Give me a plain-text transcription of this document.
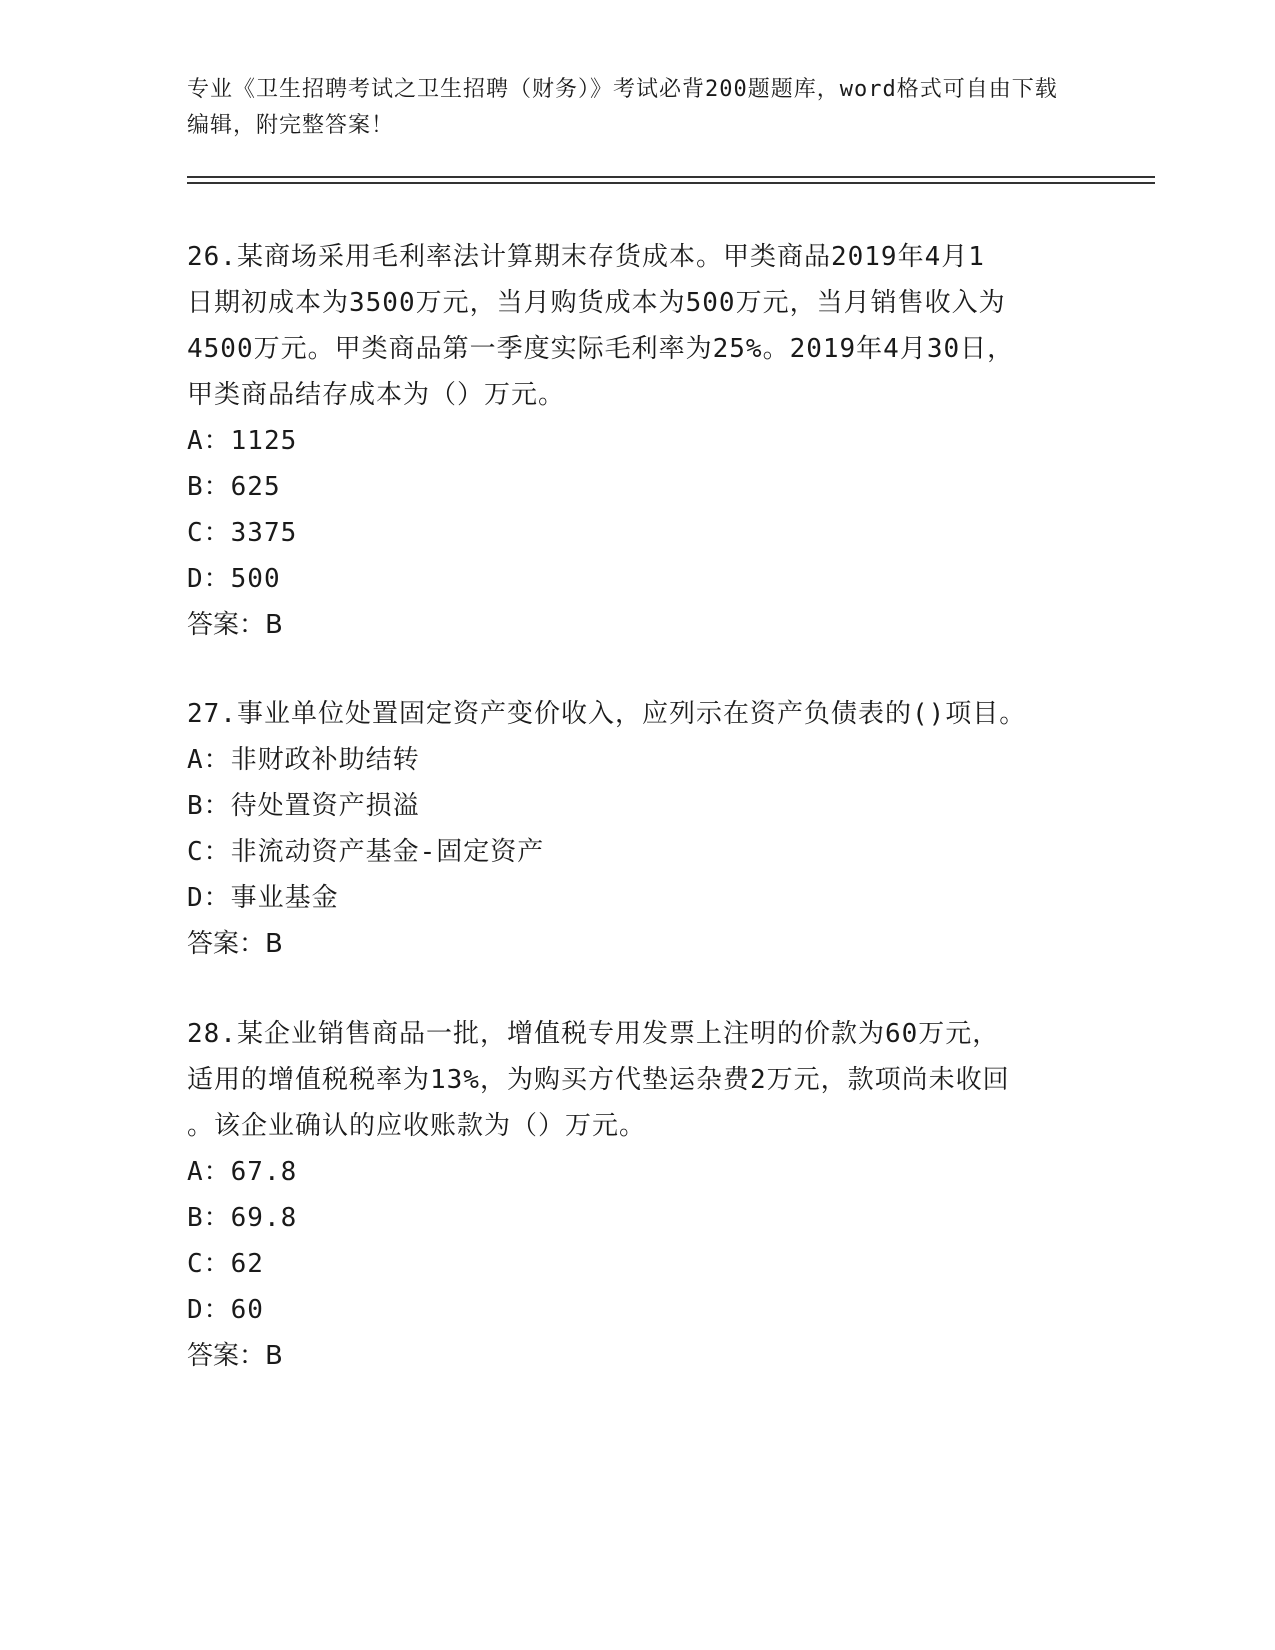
专业《卫生招聘考试之卫生招聘（财务）》考试必背200题题库，word格式可自由下载编辑，附完整答案！

26.某商场采用毛利率法计算期末存货成本。甲类商品2019年4月1

日期初成本为3500万元，当月购货成本为500万元，当月销售收入为

4500万元。甲类商品第一季度实际毛利率为25%。2019年4月30日，

甲类商品结存成本为（）万元。

A：1125

B：625

C：3375

D：500

答案：B

27.事业单位处置固定资产变价收入，应列示在资产负债表的()项目。

A：非财政补助结转

B：待处置资产损溢

C：非流动资产基金-固定资产

D：事业基金

答案：B

28.某企业销售商品一批，增值税专用发票上注明的价款为60万元，

适用的增值税税率为13%，为购买方代垫运杂费2万元，款项尚未收回

。该企业确认的应收账款为（）万元。

A：67.8

B：69.8

C：62

D：60

答案：B
